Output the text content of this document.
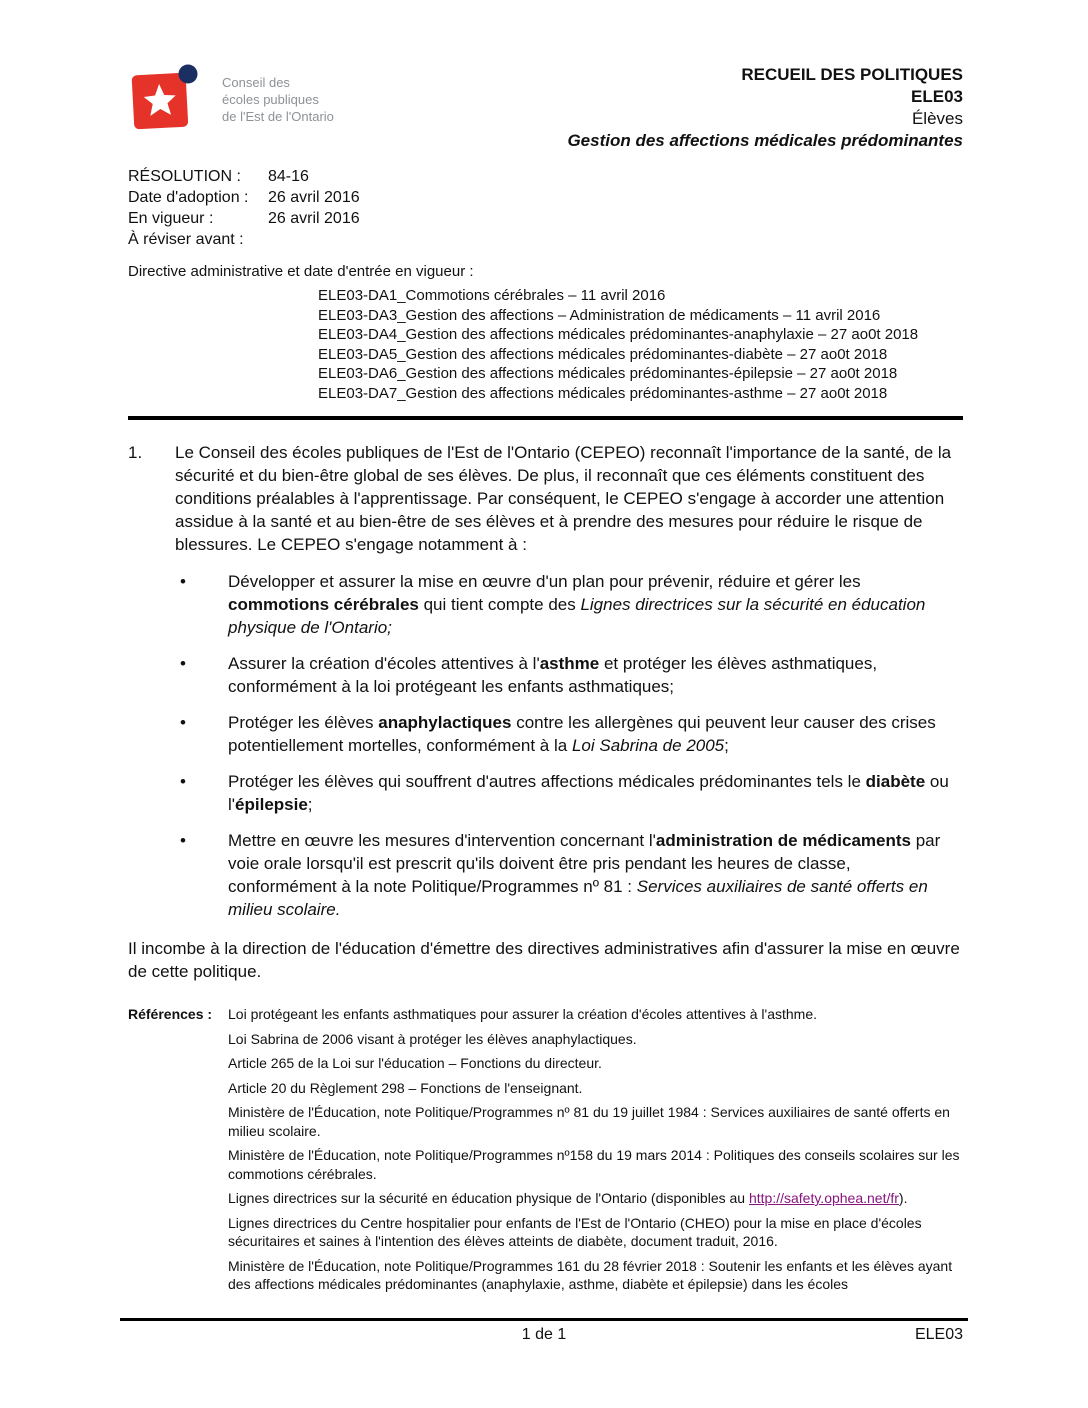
Conseil des
écoles publiques
de l'Est de l'Ontario
RECUEIL DES POLITIQUES
ELE03
Élèves
Gestion des affections médicales prédominantes
RÉSOLUTION :	84-16
Date d'adoption :	26 avril 2016
En vigueur :	26 avril 2016
À réviser avant :
Directive administrative et date d'entrée en vigueur :
ELE03-DA1_Commotions cérébrales – 11 avril 2016
ELE03-DA3_Gestion des affections – Administration de médicaments – 11 avril 2016
ELE03-DA4_Gestion des affections médicales prédominantes-anaphylaxie – 27 ao0t 2018
ELE03-DA5_Gestion des affections médicales prédominantes-diabète – 27 ao0t 2018
ELE03-DA6_Gestion des affections médicales prédominantes-épilepsie – 27 ao0t 2018
ELE03-DA7_Gestion des affections médicales prédominantes-asthme – 27 ao0t 2018
1.	Le Conseil des écoles publiques de l'Est de l'Ontario (CEPEO) reconnaît l'importance de la santé, de la sécurité et du bien-être global de ses élèves. De plus, il reconnaît que ces éléments constituent des conditions préalables à l'apprentissage. Par conséquent, le CEPEO s'engage à accorder une attention assidue à la santé et au bien-être de ses élèves et à prendre des mesures pour réduire le risque de blessures. Le CEPEO s'engage notamment à :
•	Développer et assurer la mise en œuvre d'un plan pour prévenir, réduire et gérer les commotions cérébrales qui tient compte des Lignes directrices sur la sécurité en éducation physique de l'Ontario;
•	Assurer la création d'écoles attentives à l'asthme et protéger les élèves asthmatiques, conformément à la loi protégeant les enfants asthmatiques;
•	Protéger les élèves anaphylactiques contre les allergènes qui peuvent leur causer des crises potentiellement mortelles, conformément à la Loi Sabrina de 2005;
•	Protéger les élèves qui souffrent d'autres affections médicales prédominantes tels le diabète ou l'épilepsie;
•	Mettre en œuvre les mesures d'intervention concernant l'administration de médicaments par voie orale lorsqu'il est prescrit qu'ils doivent être pris pendant les heures de classe, conformément à la note Politique/Programmes nº 81 : Services auxiliaires de santé offerts en milieu scolaire.
Il incombe à la direction de l'éducation d'émettre des directives administratives afin d'assurer la mise en œuvre de cette politique.
Références :	Loi protégeant les enfants asthmatiques pour assurer la création d'écoles attentives à l'asthme.
Loi Sabrina de 2006 visant à protéger les élèves anaphylactiques.
Article 265 de la Loi sur l'éducation – Fonctions du directeur.
Article 20 du Règlement 298 – Fonctions de l'enseignant.
Ministère de l'Éducation, note Politique/Programmes nº 81 du 19 juillet 1984 : Services auxiliaires de santé offerts en milieu scolaire.
Ministère de l'Éducation, note Politique/Programmes nº158 du 19 mars 2014 : Politiques des conseils scolaires sur les commotions cérébrales.
Lignes directrices sur la sécurité en éducation physique de l'Ontario (disponibles au http://safety.ophea.net/fr).
Lignes directrices du Centre hospitalier pour enfants de l'Est de l'Ontario (CHEO) pour la mise en place d'écoles sécuritaires et saines à l'intention des élèves atteints de diabète, document traduit, 2016.
Ministère de l'Éducation, note Politique/Programmes 161 du 28 février 2018 : Soutenir les enfants et les élèves ayant des affections médicales prédominantes (anaphylaxie, asthme, diabète et épilepsie) dans les écoles
1 de 1	ELE03
